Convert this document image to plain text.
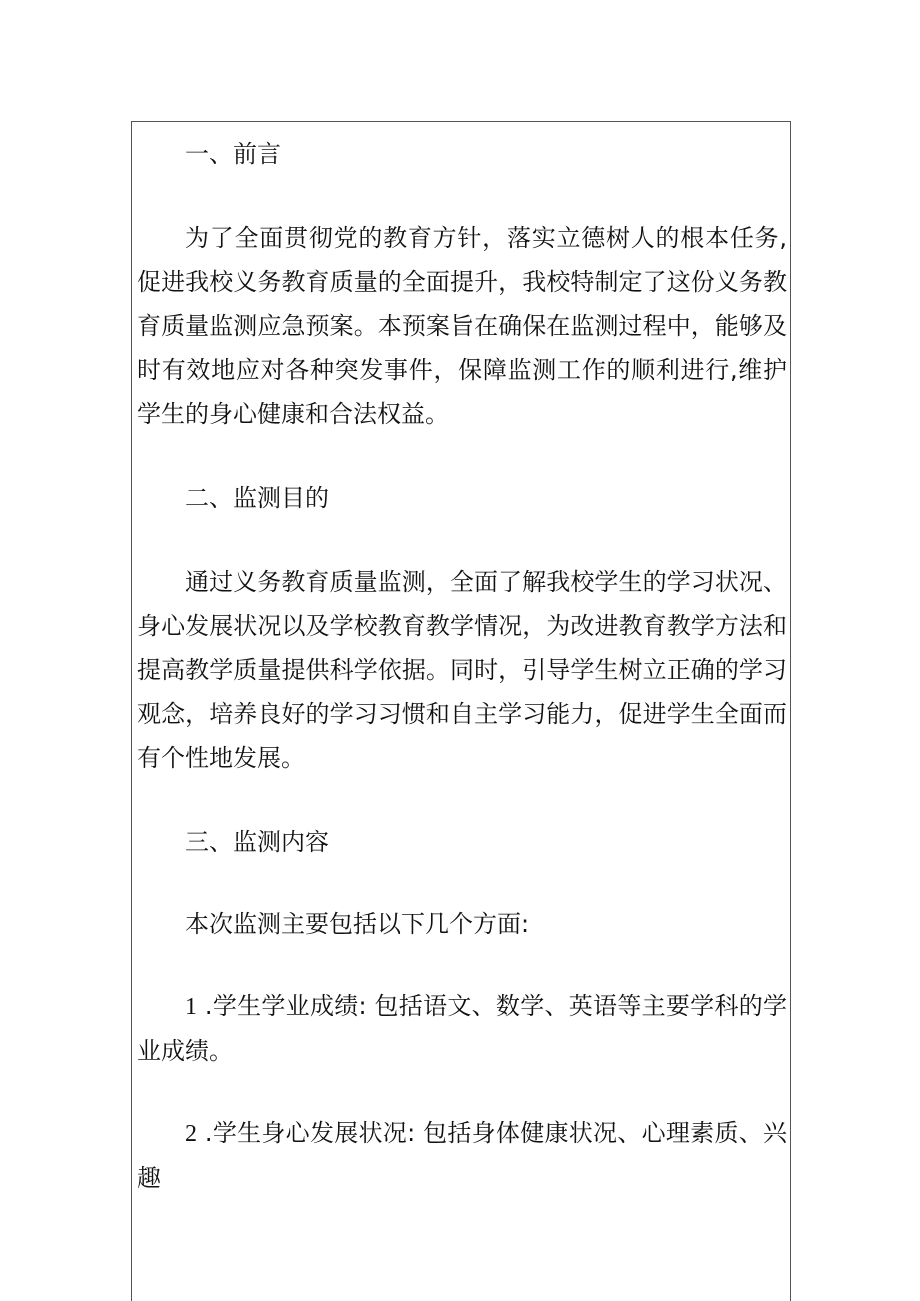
一、前言

为了全面贯彻党的教育方针，落实立德树人的根本任务,促进我校义务教育质量的全面提升，我校特制定了这份义务教育质量监测应急预案。本预案旨在确保在监测过程中，能够及时有效地应对各种突发事件，保障监测工作的顺利进行,维护学生的身心健康和合法权益。

二、监测目的

通过义务教育质量监测，全面了解我校学生的学习状况、身心发展状况以及学校教育教学情况，为改进教育教学方法和提高教学质量提供科学依据。同时，引导学生树立正确的学习观念，培养良好的学习习惯和自主学习能力，促进学生全面而有个性地发展。

三、监测内容

本次监测主要包括以下几个方面:

1 .学生学业成绩: 包括语文、数学、英语等主要学科的学业成绩。

2 .学生身心发展状况: 包括身体健康状况、心理素质、兴趣
